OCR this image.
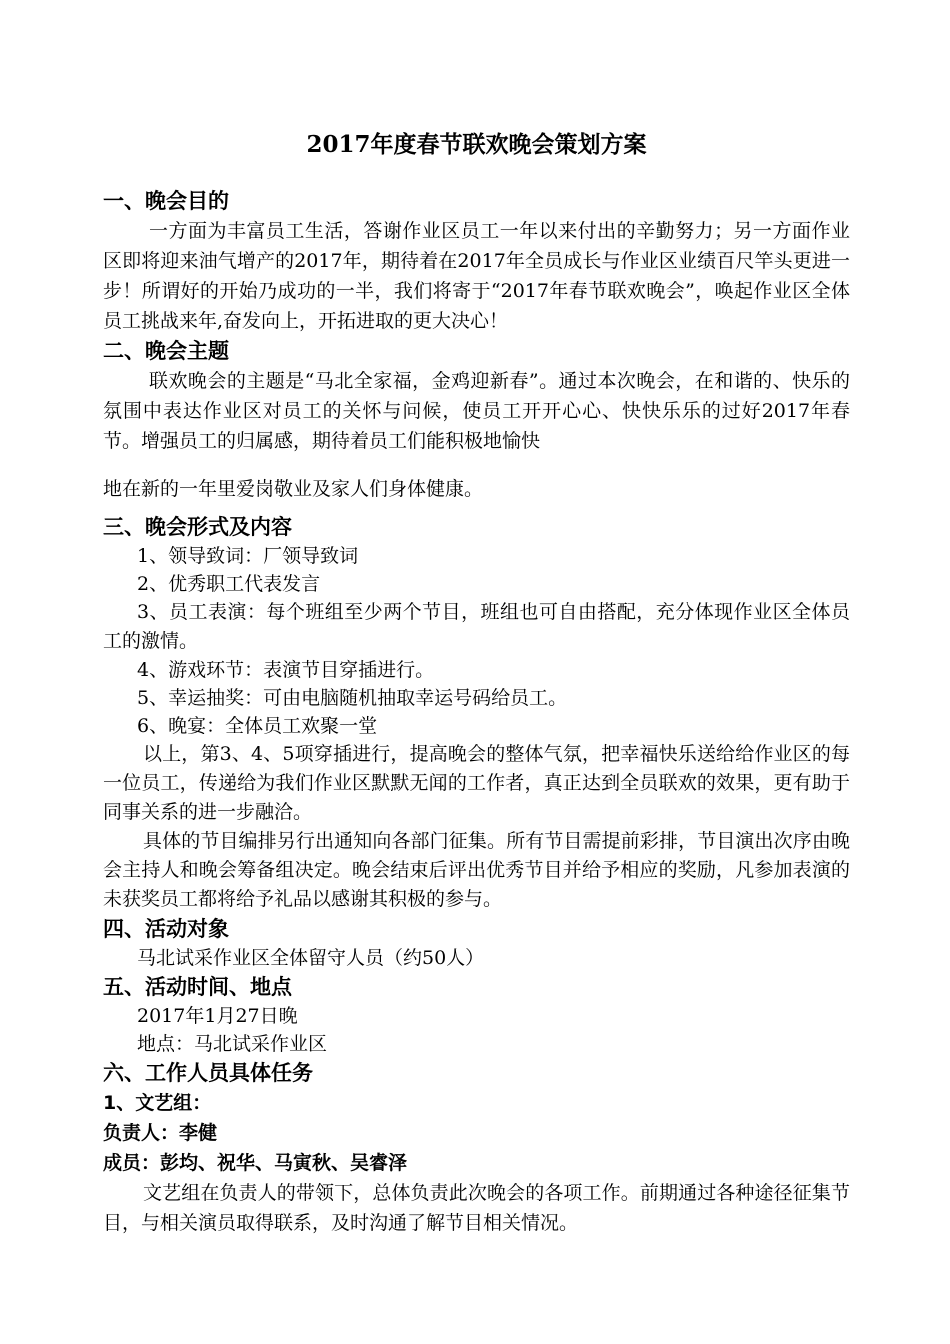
2017年度春节联欢晚会策划方案
一、晚会目的

一方面为丰富员工生活，答谢作业区员工一年以来付出的辛勤努力；另一方面作业区即将迎来油气增产的2017年，期待着在2017年全员成长与作业区业绩百尺竿头更进一步！所谓好的开始乃成功的一半，我们将寄于“2017年春节联欢晚会”，唤起作业区全体员工挑战来年,奋发向上，开拓进取的更大决心！

二、晚会主题

联欢晚会的主题是“马北全家福，金鸡迎新春”。通过本次晚会，在和谐的、快乐的氛围中表达作业区对员工的关怀与问候，使员工开开心心、快快乐乐的过好2017年春节。增强员工的归属感，期待着员工们能积极地愉快

地在新的一年里爱岗敬业及家人们身体健康。

三、晚会形式及内容

1、领导致词：厂领导致词

2、优秀职工代表发言

3、员工表演：每个班组至少两个节目，班组也可自由搭配，充分体现作业区全体员工的激情。

4、游戏环节：表演节目穿插进行。

5、幸运抽奖：可由电脑随机抽取幸运号码给员工。

6、晚宴：全体员工欢聚一堂

以上，第3、4、5项穿插进行，提高晚会的整体气氛，把幸福快乐送给给作业区的每一位员工，传递给为我们作业区默默无闻的工作者，真正达到全员联欢的效果，更有助于同事关系的进一步融洽。

具体的节目编排另行出通知向各部门征集。所有节目需提前彩排，节目演出次序由晚会主持人和晚会筹备组决定。晚会结束后评出优秀节目并给予相应的奖励，凡参加表演的未获奖员工都将给予礼品以感谢其积极的参与。

四、活动对象

马北试采作业区全体留守人员（约50人）

五、活动时间、地点

2017年1月27日晚

地点：马北试采作业区

六、工作人员具体任务

1、文艺组：

负责人：李健

成员：彭均、祝华、马寅秋、吴睿泽

文艺组在负责人的带领下，总体负责此次晚会的各项工作。前期通过各种途径征集节目，与相关演员取得联系，及时沟通了解节目相关情况。
